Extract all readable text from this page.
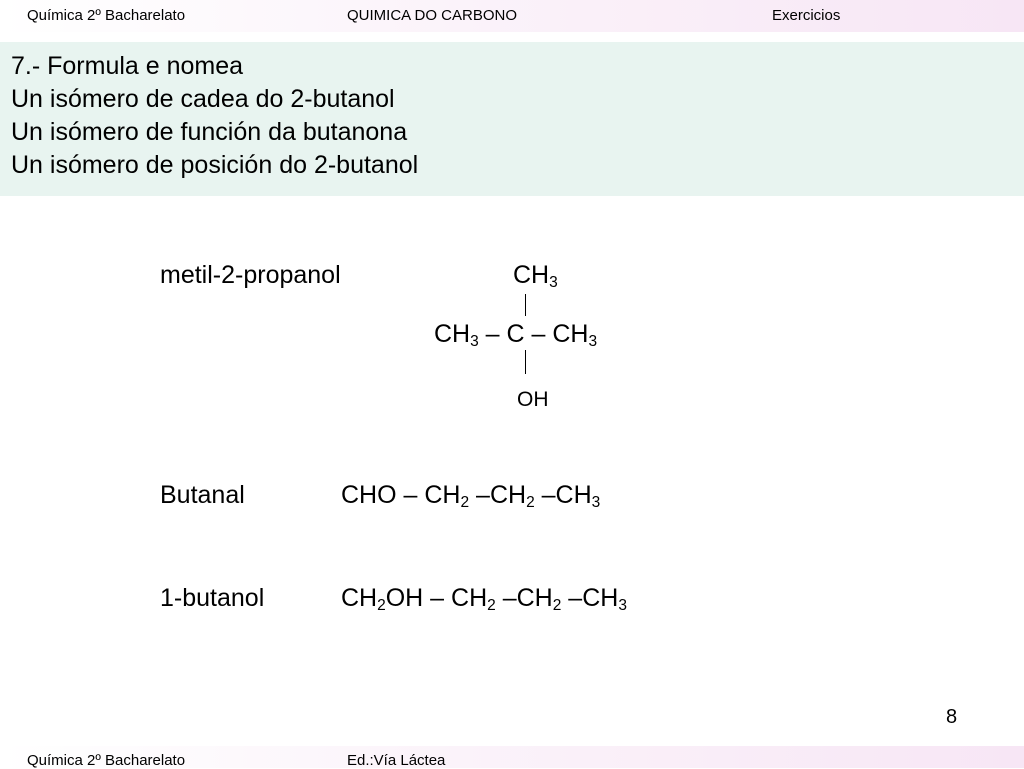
Química 2º Bacharelato	QUIMICA DO CARBONO	Exercicios
7.- Formula e nomea
Un isómero de cadea do 2-butanol
Un isómero de función da butanona
Un isómero de posición do 2-butanol
metil-2-propanol	$CH_3$
$CH_3$ – C – $CH_3$
OH
Butanal	CHO – $CH_2$ $-CH_2$ $-CH_3$
1-butanol	$CH_2OH - CH_2$ $-CH_2$ $-CH_3$
8
Química 2º Bacharelato	Ed.:Vía Láctea
